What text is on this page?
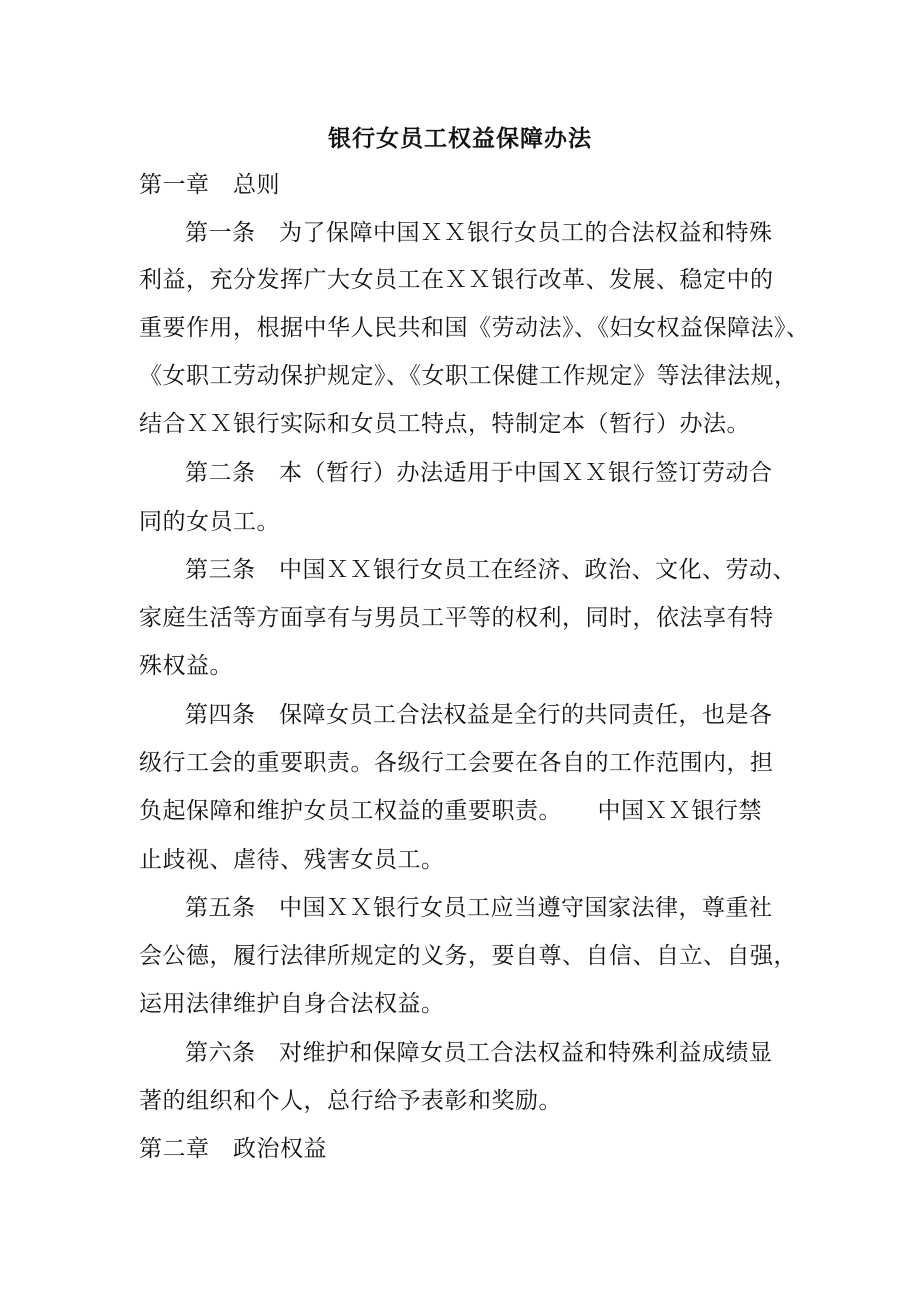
银行女员工权益保障办法
第一章　总则
第一条　为了保障中国ＸＸ银行女员工的合法权益和特殊
利益，充分发挥广大女员工在ＸＸ银行改革、发展、稳定中的
重要作用，根据中华人民共和国《劳动法》、《妇女权益保障法》、
《女职工劳动保护规定》、《女职工保健工作规定》等法律法规，
结合ＸＸ银行实际和女员工特点，特制定本（暂行）办法。
第二条　本（暂行）办法适用于中国ＸＸ银行签订劳动合
同的女员工。
第三条　中国ＸＸ银行女员工在经济、政治、文化、劳动、
家庭生活等方面享有与男员工平等的权利，同时，依法享有特
殊权益。
第四条　保障女员工合法权益是全行的共同责任，也是各
级行工会的重要职责。各级行工会要在各自的工作范围内，担
负起保障和维护女员工权益的重要职责。　　中国ＸＸ银行禁
止歧视、虐待、残害女员工。
第五条　中国ＸＸ银行女员工应当遵守国家法律，尊重社
会公德，履行法律所规定的义务，要自尊、自信、自立、自强，
运用法律维护自身合法权益。
第六条　对维护和保障女员工合法权益和特殊利益成绩显
著的组织和个人，总行给予表彰和奖励。
第二章　政治权益
